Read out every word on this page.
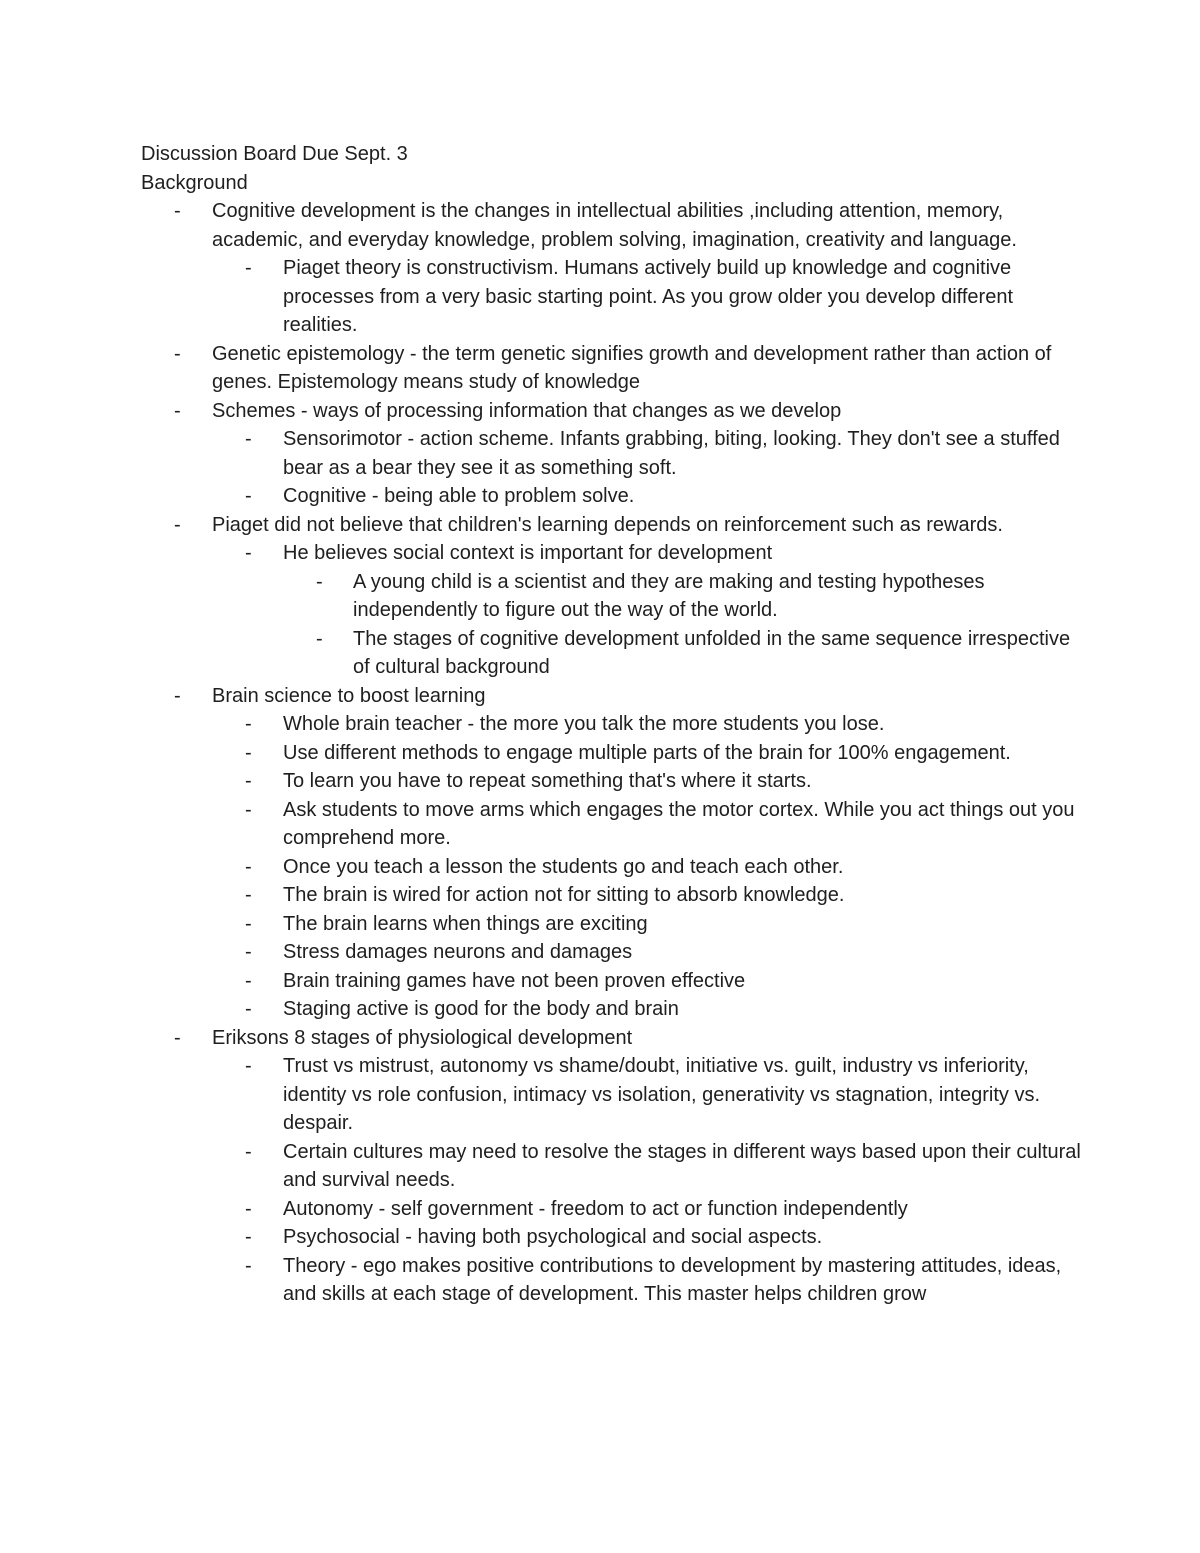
Discussion Board Due Sept. 3

Background

-	Cognitive development is the changes in intellectual abilities ,including attention, memory, academic, and everyday knowledge, problem solving, imagination, creativity and language.
-	Piaget theory is constructivism. Humans actively build up knowledge and cognitive processes from a very basic starting point. As you grow older you develop different realities.
-	Genetic epistemology - the term genetic signifies growth and development rather than action of genes. Epistemology means study of knowledge
-	Schemes - ways of processing information that changes as we develop
-	Sensorimotor - action scheme. Infants grabbing, biting, looking. They don't see a stuffed bear as a bear they see it as something soft.
-	Cognitive - being able to problem solve.
-	Piaget did not believe that children's learning depends on reinforcement such as rewards.
-	He believes social context is important for development
-	A young child is a scientist and they are making and testing hypotheses independently to figure out the way of the world.
-	The stages of cognitive development unfolded in the same sequence irrespective of cultural background
-	Brain science to boost learning
-	Whole brain teacher - the more you talk the more students you lose.
-	Use different methods to engage multiple parts of the brain for 100% engagement.
-	To learn you have to repeat something that's where it starts.
-	Ask students to move arms which engages the motor cortex. While you act things out you comprehend more.
-	Once you teach a lesson the students go and teach each other.
-	The brain is wired for action not for sitting to absorb knowledge.
-	The brain learns when things are exciting
-	Stress damages neurons and damages
-	Brain training games have not been proven effective
-	Staging active is good for the body and brain
-	Eriksons 8 stages of physiological development
-	Trust vs mistrust, autonomy vs shame/doubt, initiative vs. guilt, industry vs inferiority, identity vs role confusion, intimacy vs isolation, generativity vs stagnation, integrity vs. despair.
-	Certain cultures may need to resolve the stages in different ways based upon their cultural and survival needs.
-	Autonomy - self government - freedom to act or function independently
-	Psychosocial - having both psychological and social aspects.
-	Theory - ego makes positive contributions to development by mastering attitudes, ideas, and skills at each stage of development. This master helps children grow
